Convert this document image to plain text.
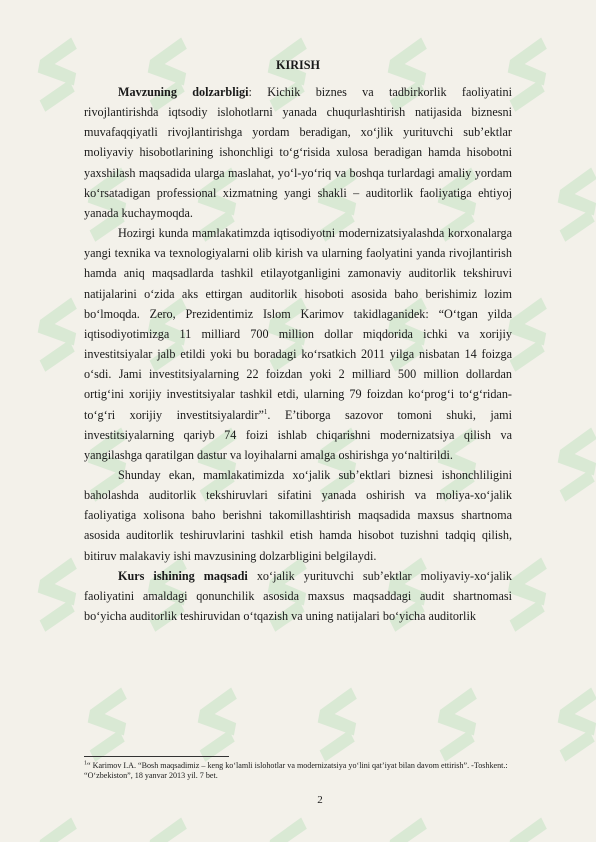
KIRISH

Mavzuning dolzarbligi: Kichik biznes va tadbirkorlik faoliyatini rivojlantirishda iqtsodiy islohotlarni yanada chuqurlashtirish natijasida biznesni muvafaqqiyatli rivojlantirishga yordam beradigan, xo‘jlik yurituvchi sub’ektlar moliyaviy hisobotlarining ishonchligi to‘g‘risida xulosa beradigan hamda hisobotni yaxshilash maqsadida ularga maslahat, yo‘l-yo‘riq va boshqa turlardagi amaliy yordam ko‘rsatadigan professional xizmatning yangi shakli – auditorlik faoliyatiga ehtiyoj yanada kuchaymoqda.

Hozirgi kunda mamlakatimzda iqtisodiyotni modernizatsiyalashda korxonalarga yangi texnika va texnologiyalarni olib kirish va ularning faolyatini yanda rivojlantirish hamda aniq maqsadlarda tashkil etilayotganligini zamonaviy auditorlik tekshiruvi natijalarini o‘zida aks ettirgan auditorlik hisoboti asosida baho berishimiz lozim bo‘lmoqda. Zero, Prezidentimiz Islom Karimov takidlaganidek: “O‘tgan yilda iqtisodiyotimizga 11 milliard 700 million dollar miqdorida ichki va xorijiy investitsiyalar jalb etildi yoki bu boradagi ko‘rsatkich 2011 yilga nisbatan 14 foizga o‘sdi. Jami investitsiyalarning 22 foizdan yoki 2 milliard 500 million dollardan ortig‘ini xorijiy investitsiyalar tashkil etdi, ularning 79 foizdan ko‘prog‘i to‘g‘ridan-to‘g‘ri xorijiy investitsiyalardir”$^1$. E’tiborga sazovor tomoni shuki, jami investitsiyalarning qariyb 74 foizi ishlab chiqarishni modernizatsiya qilish va yangilashga qaratilgan dastur va loyihalarni amalga oshirishga yo‘naltirildi.

Shunday ekan, mamlakatimizda xo‘jalik sub’ektlari biznesi ishonchliligini baholashda auditorlik tekshiruvlari sifatini yanada oshirish va moliya-xo‘jalik faoliyatiga xolisona baho berishni takomillashtirish maqsadida maxsus shartnoma asosida auditorlik teshiruvlarini tashkil etish hamda hisobot tuzishni tadqiq qilish, bitiruv malakaviy ishi mavzusining dolzarbligini belgilaydi.

Kurs ishining maqsadi xo‘jalik yurituvchi sub’ektlar moliyaviy-xo‘jalik faoliyatini amaldagi qonunchilik asosida maxsus maqsaddagi audit shartnomasi bo‘yicha auditorlik teshiruvidan o‘tqazish va uning natijalari bo‘yicha auditorlik

$^1$“ Karimov I.A. “Bosh maqsadimiz – keng ko‘lamli islohotlar va modernizatsiya yo‘lini qat’iyat bilan davom ettirish”. -Toshkent.: “O‘zbekiston”, 18 yanvar 2013 yil. 7 bet.
2
